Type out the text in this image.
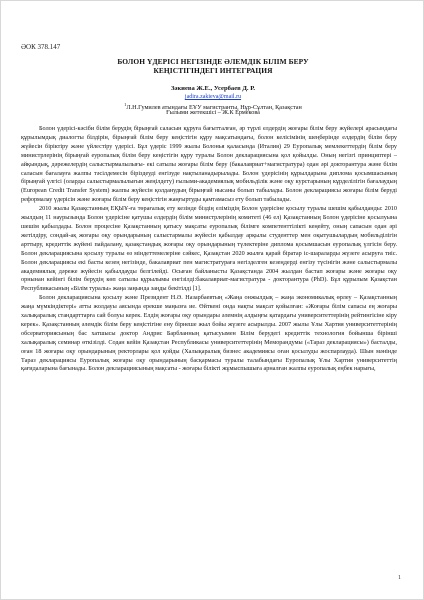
ӘОК 378.147
БОЛОН ҮДЕРІСІ НЕГІЗІНДЕ ӘЛЕМДІК БІЛІМ БЕРУ
КЕҢІСТІГІНДЕГІ ИНТЕГРАЦИЯ
Зәкиева Ж.Е., Усербаев Д. Р.
jadira.zakieva@mail.ru
$^1$Л.Н.Гумилев атындағы ЕҰУ магистранты, Нұр-Сұлтан, Қазақстан
Ғылыми жетекшісі – Ж.К Ермекова

Болон үдерісі-кәсіби білім берудің бірыңғай саласын құруға бағытталған, әр түрлі елдердің жоғары білім беру жүйелері арасындағы құрылымдық диалогты білдірін, бірыңғай білім беру кеңістігін құру мақсатындағы, болон келісімінің шеңберінде елдердің білім беру жүйесін біріктіру және үйлестіру үдерісі. Бұл үдеріс 1999 жылы Болонья қаласында (Италия) 29 Еуропалық мемлекеттердің білім беру министрлерінің бірыңғай еуропалық білім беру кеңістігін құру туралы Болон декларациясына қол қойылды. Оның негізгі принциптері – айқындық, дәрежелердің салыстырмалылығы- екі сатылы жоғары білім беру (бакалавриат+магистратура) одан әрі докторантура және білім саласын бағалауға жалпы тәсілдемесін біріздеуді енгізуде нақтыланадырылады. Болон үдерісінің құрылдарына диплома қосымшасының бірыңғай үлгісі (оларды салыстырмалылығын жеңілдету) ғылыми-академиялық мобильділік және оқу курстарының кұрделілігін бағалаудың (European Credit Transfer System) жалпы жүйесін қолданудың бірыңғай нысаны болып табылады. Болон декларациясы жоғары білім беруді реформалау үдерісін және жоғары білім беру кеңістігін жаңғыртуды қамтамасыз ету болып табылады.

2010 жылы Қазақстанның ЕҚЫҰ-ға төрағалық ету кезінде біздің еліміздің Болон үдерісіне қосылу туралы шешім қабылданды: 2010 жылдың 11 наурызында Болон үдерісіне қатушы елдердің білім министрлерінің комитеті (46 ел) Қазақстанның Болон үдерісіне қосылуына шешім қабылдады. Болон процесіне Қазақстанның қатысу мақсаты еуропалық білімге компетенттілікті кеңейту, оның сапасын одан әрі жетілдіру, сондай-ақ жоғары оқу орындарының салыстармалы жүйесін қабылдау арқылы студенттер мен оқытушылардың мобильділігін арттыру, кредиттік жүйені пайдалану, қазақстандық жоғары оқу орындарының түлектеріне диплома қосымшасын еуропалық үлгісін беру. Болон декларациясына қосылу туралы өз міндеттемелеріне сәйкес, Қазақстан 2020 жылға қарай біратар іс-шараларды жүзеге асыруға тиіс. Болон декларациясы екі басты кезең негізінде, бакалавриат пен магистратураға негізделген кезеңдерді енгізу түсінігін және салыстырмалы академиялық дәреже жүйесін қабылдауды белгілейді. Осыған байланысты Қазақстанда 2004 жылдан бастап жоғары және жоғары оқу орнынан кейінгі білім берудің көп сатылы құрылымы енгізілді:бакалавриат-магистратура - докторантура (PhD). Бұл құрылым Қазақстан Республикасының «Білім туралы» жаңа заңында заңды бекітілді [1].

Болон декларациясына қосылу және Президент Н.Ә. Назарбаевтың «Жаңа онжылдық – жаңа экономикалық өрлеу – Қазақстанның жаңа мүмкіндіктері» атты жолдауы аясында ерекше маңызға ие. Өйткені онда нақты мақсат қойылған: «Жоғары білім сапасы ең жоғары халықаралық стандарттарға сай болуы керек. Елдің жоғары оқу орындары әлемнің алдыңғы қатардағы университеттерінің рейтингісіне кіру керек». Қазақстанның әлемдік білім беру кеңістігіне ену бірнеше жыл бойы жүзеге асырылды. 2007 жылы Ұлы Хартия университеттерінің обсерваториясының бас хатшысы доктор Андрис Барбланның қатысуымен Білім берудегі кредиттік технология бойынша бірінші халықаралық семинар өткізілді. Содан кейін Қазақстан Республикасы университеттерінің Меморандумы («Тараз декларациясы») басталды, оған 18 жоғары оқу орындарының ректорлары қол қойды (Халықаралық бизнес академиясы оған қосылуды жоспарлауда). Шын мәнінде Тараз декларациясы Еуропалық жоғары оқу орындарының басқармасы туралы талабындағы Еуропалық Ұлы Хартия университеттің қағидаларына бағынады. Болон декларациясының мақсаты - жоғары білікті жұмыспышыға арналған жалпы еуропалық еңбек нарығы,

1
